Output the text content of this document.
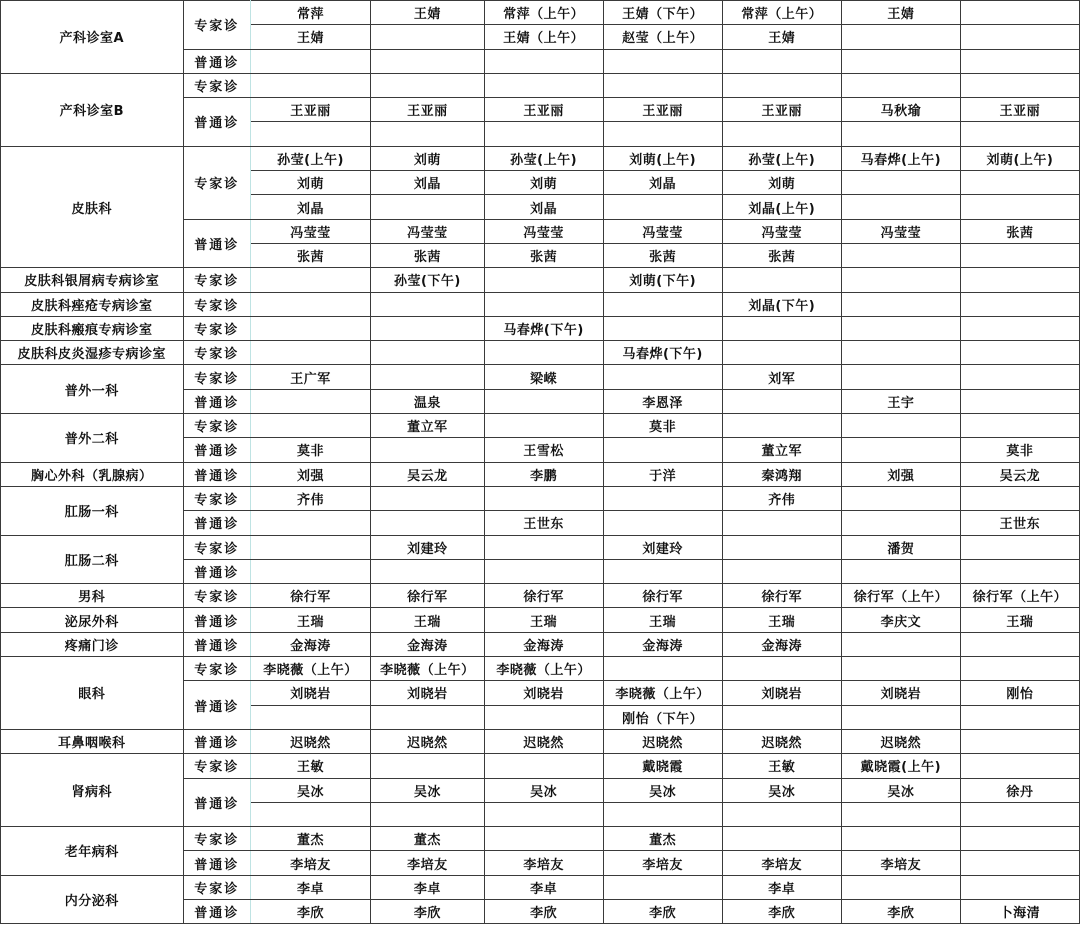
产科诊室A	专家诊	常萍	王婧	常萍（上午）	王婧（下午）	常萍（上午）	王婧	
		王婧		王婧（上午）	赵莹（上午）	王婧		
	普通诊							
产科诊室B	专家诊							
	普通诊	王亚丽	王亚丽	王亚丽	王亚丽	王亚丽	马秋瑜	王亚丽

皮肤科	专家诊	孙莹(上午)	刘萌	孙莹(上午)	刘萌(上午)	孙莹(上午)	马春烨(上午)	刘萌(上午)
		刘萌	刘晶	刘萌	刘晶	刘萌		
		刘晶		刘晶		刘晶(上午)		
	普通诊	冯莹莹	冯莹莹	冯莹莹	冯莹莹	冯莹莹	冯莹莹	张茜
		张茜	张茜	张茜	张茜	张茜		
皮肤科银屑病专病诊室	专家诊		孙莹(下午)		刘萌(下午)			
皮肤科痤疮专病诊室	专家诊					刘晶(下午)		
皮肤科瘢痕专病诊室	专家诊			马春烨(下午)				
皮肤科皮炎湿疹专病诊室	专家诊				马春烨(下午)			
普外一科	专家诊	王广军		梁嵘		刘军		
	普通诊		温泉		李恩泽		王宇	
普外二科	专家诊		董立军		莫非			
	普通诊	莫非		王雪松		董立军		莫非
胸心外科（乳腺病）	普通诊	刘强	吴云龙	李鹏	于洋	秦鸿翔	刘强	吴云龙
肛肠一科	专家诊	齐伟				齐伟		
	普通诊			王世东				王世东
肛肠二科	专家诊		刘建玲		刘建玲		潘贺	
	普通诊							
男科	专家诊	徐行军	徐行军	徐行军	徐行军	徐行军	徐行军（上午）	徐行军（上午）
泌尿外科	普通诊	王瑞	王瑞	王瑞	王瑞	王瑞	李庆文	王瑞
疼痛门诊	普通诊	金海涛	金海涛	金海涛	金海涛	金海涛		
眼科	专家诊	李晓薇（上午）	李晓薇（上午）	李晓薇（上午）				
	普通诊	刘晓岩	刘晓岩	刘晓岩	李晓薇（上午）	刘晓岩	刘晓岩	刚怡
					刚怡（下午）			
耳鼻咽喉科	普通诊	迟晓然	迟晓然	迟晓然	迟晓然	迟晓然	迟晓然	
肾病科	专家诊	王敏			戴晓霞	王敏	戴晓霞(上午)	
	普通诊	吴冰	吴冰	吴冰	吴冰	吴冰	吴冰	徐丹

老年病科	专家诊	董杰	董杰		董杰			
	普通诊	李培友	李培友	李培友	李培友	李培友	李培友	
内分泌科	专家诊	李卓	李卓	李卓		李卓		
	普通诊	李欣	李欣	李欣	李欣	李欣	李欣	卜海清
